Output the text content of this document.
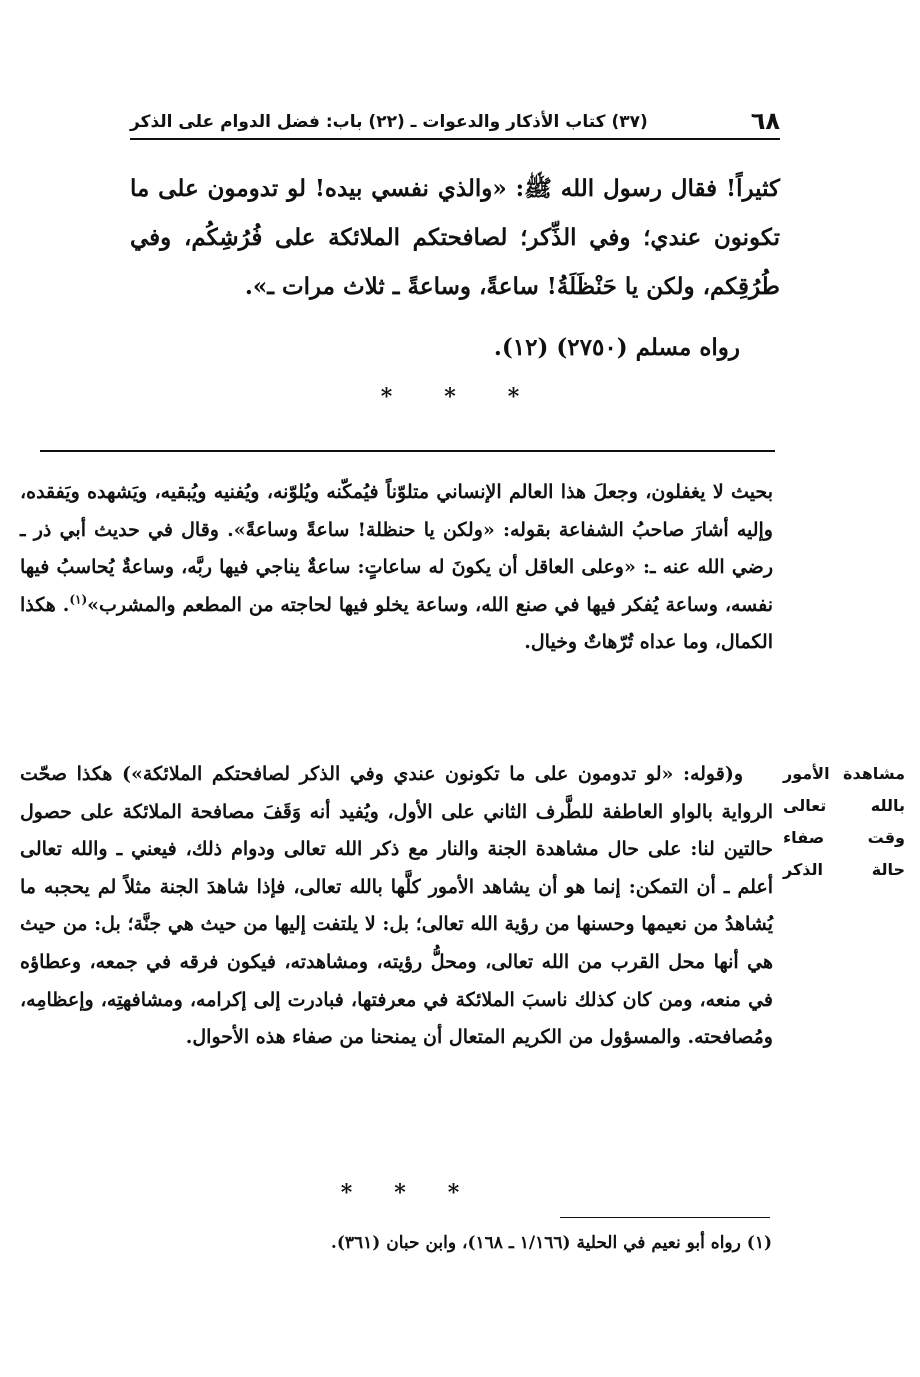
٦٨
(٣٧) كتاب الأذكار والدعوات ـ (٢٢) باب: فضل الدوام على الذكر

كثيراً! فقال رسول الله ﷺ: «والذي نفسي بيده! لو تدومون على ما تكونون عندي؛ وفي الذِّكر؛ لصافحتكم الملائكة على فُرُشِكُم، وفي طُرُقِكم، ولكن يا حَنْظَلَةُ! ساعةً، وساعةً ـ ثلاث مرات ـ».

رواه مسلم (٢٧٥٠) (١٢).
*
*
*

بحيث لا يغفلون، وجعلَ هذا العالم الإنساني متلوّناً فيُمكّنه ويُلوّنه، ويُفنيه ويُبقيه، ويَشهده ويَفقده، وإليه أشارَ صاحبُ الشفاعة بقوله: «ولكن يا حنظلة! ساعةً وساعةً». وقال في حديث أبي ذر ـ رضي الله عنه ـ: «وعلى العاقل أن يكونَ له ساعاتٍ: ساعةٌ يناجي فيها ربَّه، وساعةٌ يُحاسبُ فيها نفسه، وساعة يُفكر فيها في صنع الله، وساعة يخلو فيها لحاجته من المطعم والمشرب»$^{(١)}$. هكذا الكمال، وما عداه تُرّهاتٌ وخيال.

مشاهدة الأمور
بالله تعالى
وقت صفاء
حالة الذكر

و(قوله: «لو تدومون على ما تكونون عندي وفي الذكر لصافحتكم الملائكة») هكذا صحّت الرواية بالواو العاطفة للطَّرف الثاني على الأول، ويُفيد أنه وَقَفَ مصافحة الملائكة على حصول حالتين لنا: على حال مشاهدة الجنة والنار مع ذكر الله تعالى ودوام ذلك، فيعني ـ والله تعالى أعلم ـ أن التمكن: إنما هو أن يشاهد الأمور كلَّها بالله تعالى، فإذا شاهدَ الجنة مثلاً لم يحجبه ما يُشاهدُ من نعيمها وحسنها من رؤية الله تعالى؛ بل: لا يلتفت إليها من حيث هي جنَّة؛ بل: من حيث هي أنها محل القرب من الله تعالى، ومحلُّ رؤيته، ومشاهدته، فيكون فرقه في جمعه، وعطاؤه في منعه، ومن كان كذلك ناسبَ الملائكة في معرفتها، فبادرت إلى إكرامه، ومشافهتِه، وإعظامِه، ومُصافحته. والمسؤول من الكريم المتعال أن يمنحنا من صفاء هذه الأحوال.

*
*
*
(١) رواه أبو نعيم في الحلية (١/١٦٦ ـ ١٦٨)، وابن حبان (٣٦١).
